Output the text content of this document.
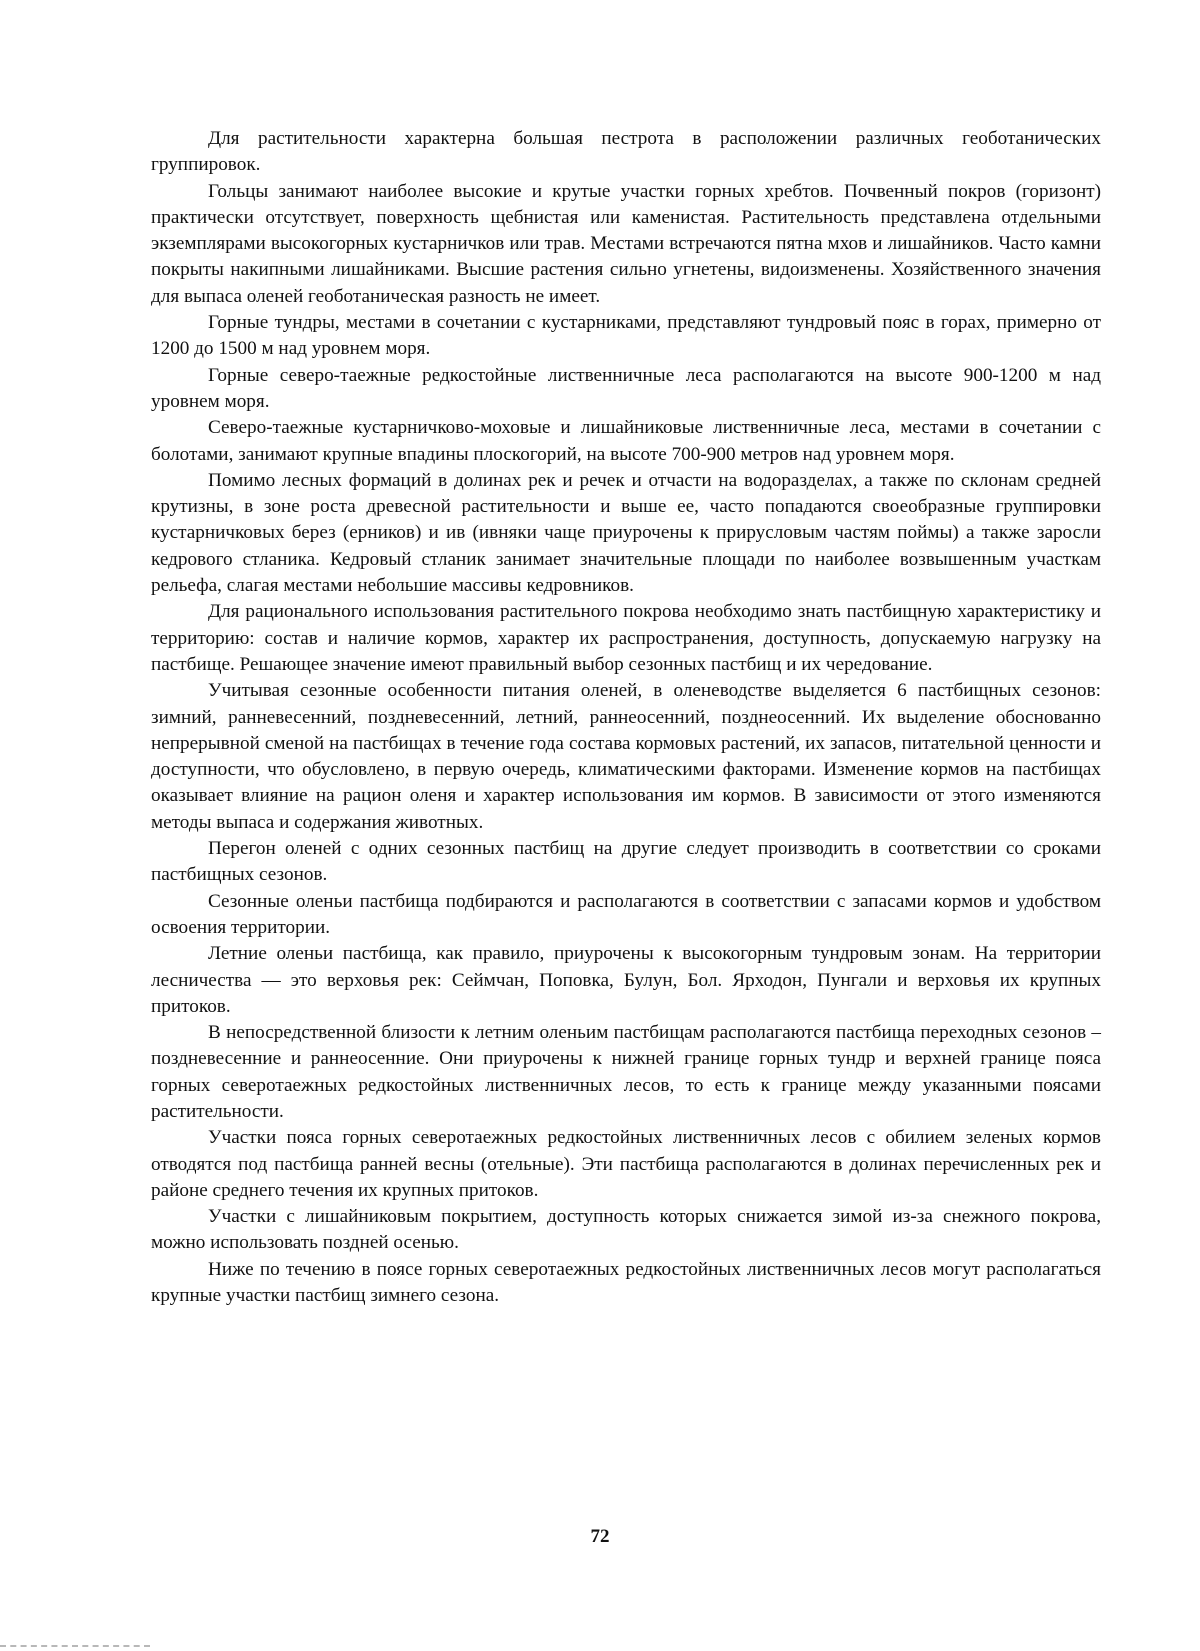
Для растительности характерна большая пестрота в расположении различных геоботанических группировок.

Гольцы занимают наиболее высокие и крутые участки горных хребтов. Почвенный покров (горизонт) практически отсутствует, поверхность щебнистая или каменистая. Растительность представлена отдельными экземплярами высокогорных кустарничков или трав. Местами встречаются пятна мхов и лишайников. Часто камни покрыты накипными лишайниками. Высшие растения сильно угнетены, видоизменены. Хозяйственного значения для выпаса оленей геоботаническая разность не имеет.

Горные тундры, местами в сочетании с кустарниками, представляют тундровый пояс в горах, примерно от 1200 до 1500 м над уровнем моря.

Горные северо-таежные редкостойные лиственничные леса располагаются на высоте 900-1200 м над уровнем моря.

Северо-таежные кустарничково-моховые и лишайниковые лиственничные леса, местами в сочетании с болотами, занимают крупные впадины плоскогорий, на высоте 700-900 метров над уровнем моря.

Помимо лесных формаций в долинах рек и речек и отчасти на водоразделах, а также по склонам средней крутизны, в зоне роста древесной растительности и выше ее, часто попадаются своеобразные группировки кустарничковых берез (ерников) и ив (ивняки чаще приурочены к прирусловым частям поймы) а также заросли кедрового стланика. Кедровый стланик занимает значительные площади по наиболее возвышенным участкам рельефа, слагая местами небольшие массивы кедровников.

Для рационального использования растительного покрова необходимо знать пастбищную характеристику и территорию: состав и наличие кормов, характер их распространения, доступность, допускаемую нагрузку на пастбище. Решающее значение имеют правильный выбор сезонных пастбищ и их чередование.

Учитывая сезонные особенности питания оленей, в оленеводстве выделяется 6 пастбищных сезонов: зимний, ранневесенний, поздневесенний, летний, раннеосенний, позднеосенний. Их выделение обоснованно непрерывной сменой на пастбищах в течение года состава кормовых растений, их запасов, питательной ценности и доступности, что обусловлено, в первую очередь, климатическими факторами. Изменение кормов на пастбищах оказывает влияние на рацион оленя и характер использования им кормов. В зависимости от этого изменяются методы выпаса и содержания животных.

Перегон оленей с одних сезонных пастбищ на другие следует производить в соответствии со сроками пастбищных сезонов.

Сезонные оленьи пастбища подбираются и располагаются в соответствии с запасами кормов и удобством освоения территории.

Летние оленьи пастбища, как правило, приурочены к высокогорным тундровым зонам. На территории лесничества — это верховья рек: Сеймчан, Поповка, Булун, Бол. Ярходон, Пунгали и верховья их крупных притоков.

В непосредственной близости к летним оленьим пастбищам располагаются пастбища переходных сезонов – поздневесенние и раннеосенние. Они приурочены к нижней границе горных тундр и верхней границе пояса горных северотаежных редкостойных лиственничных лесов, то есть к границе между указанными поясами растительности.

Участки пояса горных северотаежных редкостойных лиственничных лесов с обилием зеленых кормов отводятся под пастбища ранней весны (отельные). Эти пастбища располагаются в долинах перечисленных рек и районе среднего течения их крупных притоков.

Участки с лишайниковым покрытием, доступность которых снижается зимой из-за снежного покрова, можно использовать поздней осенью.

Ниже по течению в поясе горных северотаежных редкостойных лиственничных лесов могут располагаться крупные участки пастбищ зимнего сезона.

72
